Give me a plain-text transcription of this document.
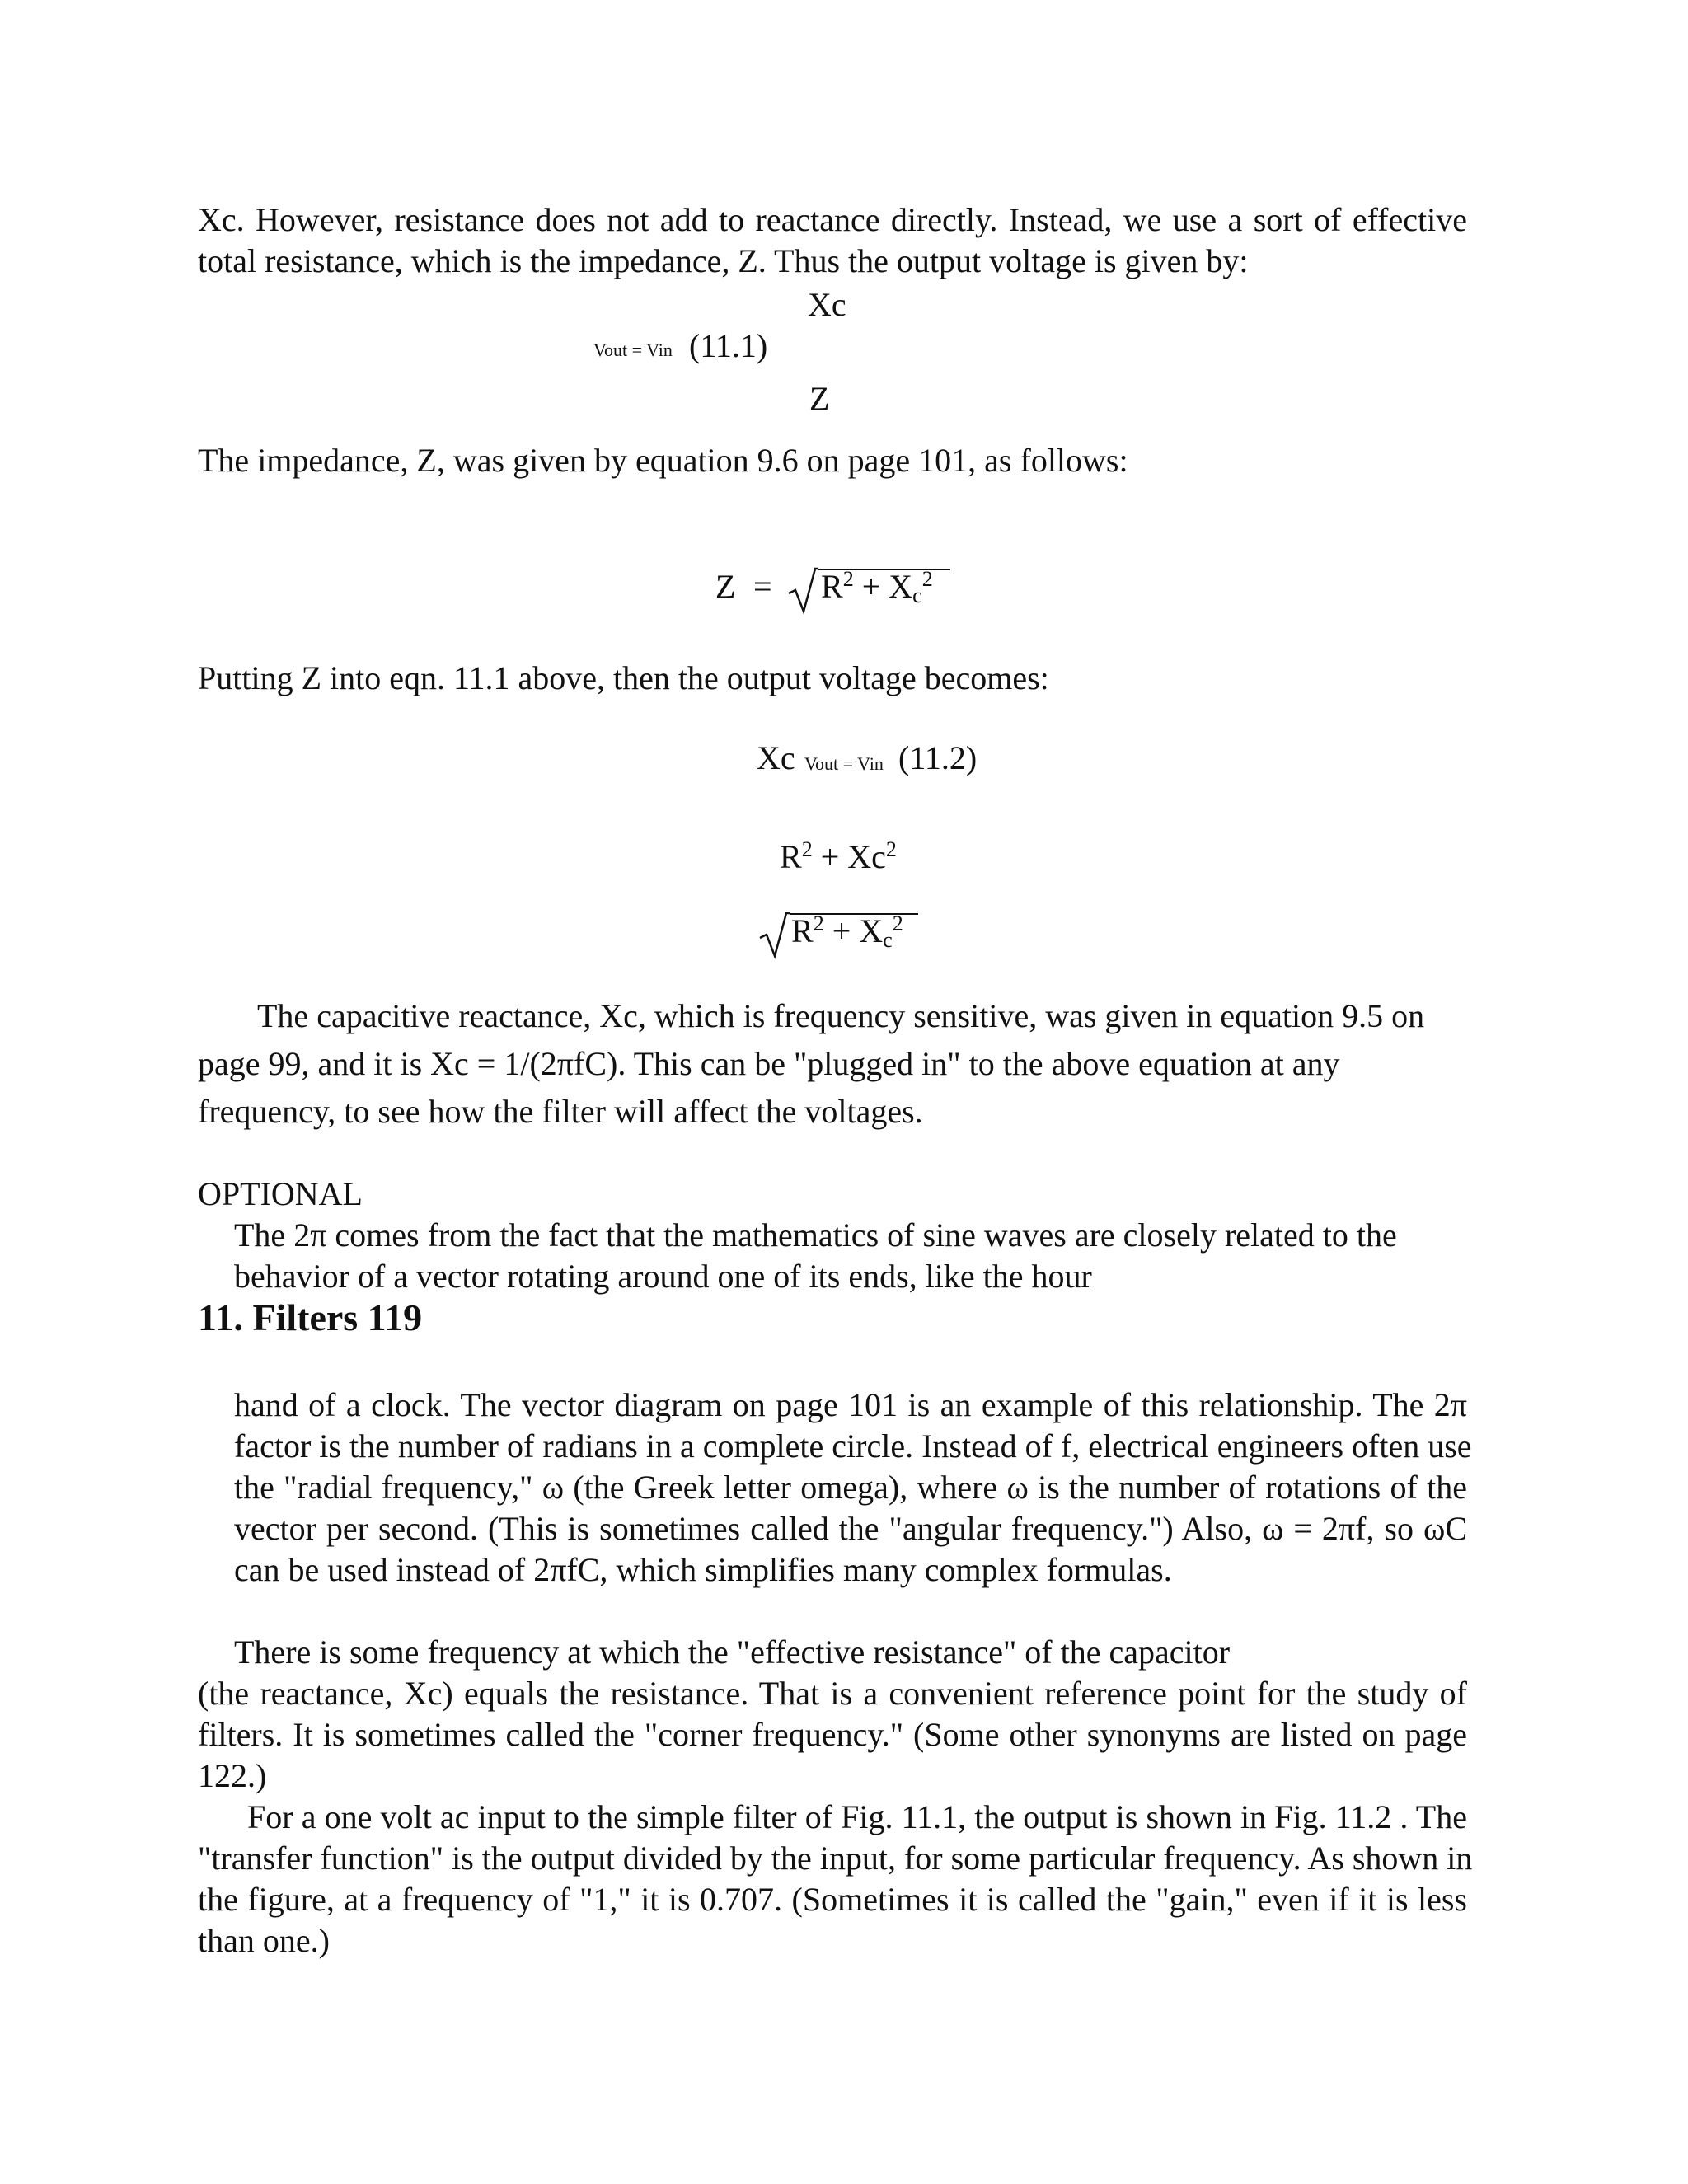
Xc. However, resistance does not add to reactance directly. Instead, we use a sort of effective
total resistance, which is the impedance, Z. Thus the output voltage is given by:
Xc
Vout = Vin (11.1)
Z
The impedance, Z, was given by equation 9.6 on page 101, as follows:
$Z = R^2 + X_c^2$
Putting Z into eqn. 11.1 above, then the output voltage becomes:
Xc Vout = Vin (11.2)
$R^2 + Xc^2$
$R^2 + X_c^2$
The capacitive reactance, Xc, which is frequency sensitive, was given in equation 9.5 on
page 99, and it is Xc = 1/(2πfC). This can be "plugged in" to the above equation at any
frequency, to see how the filter will affect the voltages.
OPTIONAL
The 2π comes from the fact that the mathematics of sine waves are closely related to the
behavior of a vector rotating around one of its ends, like the hour
11. Filters 119
hand of a clock. The vector diagram on page 101 is an example of this relationship. The 2π
factor is the number of radians in a complete circle. Instead of f, electrical engineers often use
the "radial frequency," ω (the Greek letter omega), where ω is the number of rotations of the
vector per second. (This is sometimes called the "angular frequency.") Also, ω = 2πf, so ωC
can be used instead of 2πfC, which simplifies many complex formulas.
There is some frequency at which the "effective resistance" of the capacitor
(the reactance, Xc) equals the resistance. That is a convenient reference point for the study of
filters. It is sometimes called the "corner frequency." (Some other synonyms are listed on page
122.)
For a one volt ac input to the simple filter of Fig. 11.1, the output is shown in Fig. 11.2 . The
"transfer function" is the output divided by the input, for some particular frequency. As shown in
the figure, at a frequency of "1," it is 0.707. (Sometimes it is called the "gain," even if it is less
than one.)
